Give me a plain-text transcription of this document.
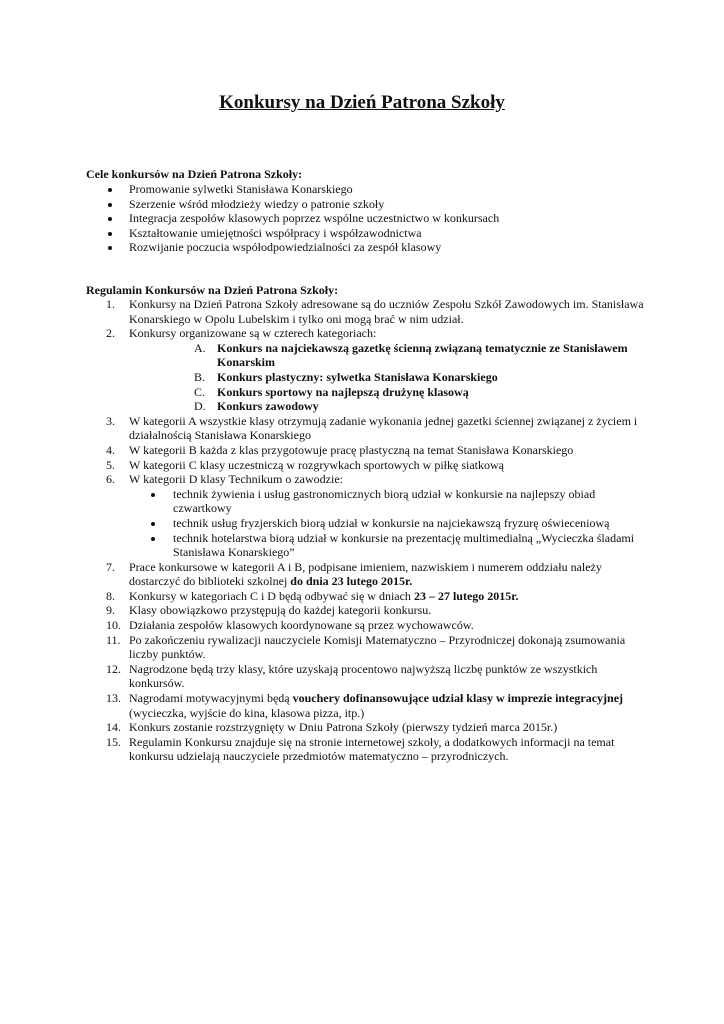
Konkursy na Dzień Patrona Szkoły
Cele konkursów na Dzień Patrona Szkoły:
Promowanie sylwetki Stanisława Konarskiego
Szerzenie wśród młodzieży wiedzy o patronie szkoły
Integracja zespołów klasowych poprzez wspólne uczestnictwo w konkursach
Kształtowanie umiejętności współpracy i współzawodnictwa
Rozwijanie poczucia współodpowiedzialności za zespół klasowy
Regulamin Konkursów na Dzień Patrona Szkoły:
1.	Konkursy na Dzień Patrona Szkoły adresowane są do uczniów Zespołu Szkół Zawodowych im. Stanisława Konarskiego w Opolu Lubelskim i tylko oni mogą brać w nim udział.
2.	Konkursy organizowane są w czterech kategoriach:
A. Konkurs na najciekawszą gazetkę ścienną związaną tematycznie ze Stanisławem Konarskim
B. Konkurs plastyczny: sylwetka Stanisława Konarskiego
C. Konkurs sportowy na najlepszą drużynę klasową
D. Konkurs zawodowy
3.	W kategorii A wszystkie klasy otrzymują zadanie wykonania jednej gazetki ściennej związanej z życiem i działalnością Stanisława Konarskiego
4.	W kategorii B każda z klas przygotowuje pracę plastyczną na temat Stanisława Konarskiego
5.	W kategorii C klasy uczestniczą w rozgrywkach sportowych w piłkę siatkową
6.	W kategorii D klasy Technikum o zawodzie:
technik żywienia i usług gastronomicznych biorą udział w konkursie na najlepszy obiad czwartkowy
technik usług fryzjerskich biorą udział w konkursie na najciekawszą fryzurę oświeceniową
technik hotelarstwa biorą udział w konkursie na prezentację multimedialną „Wycieczka śladami Stanisława Konarskiego”
7.	Prace konkursowe w kategorii A i B, podpisane imieniem, nazwiskiem i numerem oddziału należy dostarczyć do biblioteki szkolnej do dnia 23 lutego 2015r.
8.	Konkursy w kategoriach C i D będą odbywać się w dniach 23 – 27 lutego 2015r.
9.	Klasy obowiązkowo przystępują do każdej kategorii konkursu.
10. Działania zespołów klasowych koordynowane są przez wychowawców.
11. Po zakończeniu rywalizacji nauczyciele Komisji Matematyczno – Przyrodniczej dokonają zsumowania liczby punktów.
12. Nagrodzone będą trzy klasy, które uzyskają procentowo najwyższą liczbę punktów ze wszystkich konkursów.
13. Nagrodami motywacyjnymi będą vouchery dofinansowujące udział klasy w imprezie integracyjnej (wycieczka, wyjście do kina, klasowa pizza, itp.)
14. Konkurs zostanie rozstrzygnięty w Dniu Patrona Szkoły (pierwszy tydzień marca 2015r.)
15. Regulamin Konkursu znajduje się na stronie internetowej szkoły, a dodatkowych informacji na temat konkursu udzielają nauczyciele przedmiotów matematyczno – przyrodniczych.
